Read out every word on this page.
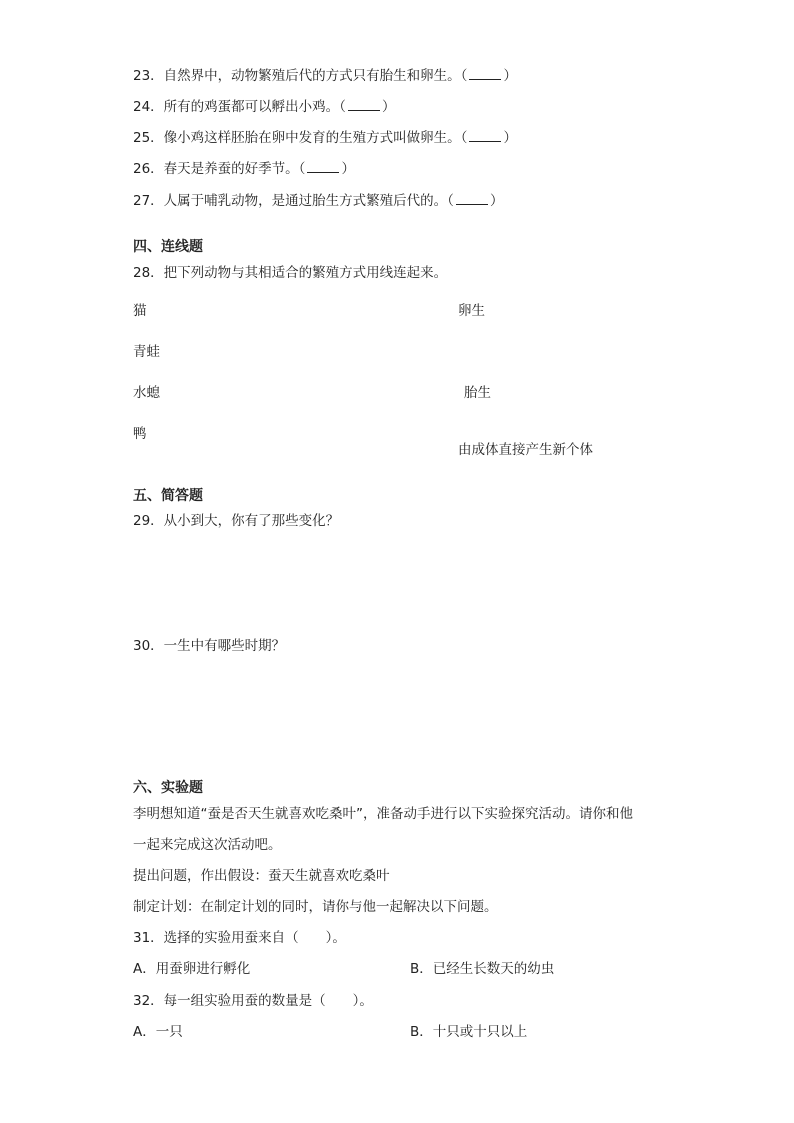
23．自然界中，动物繁殖后代的方式只有胎生和卵生。（	）
24．所有的鸡蛋都可以孵出小鸡。（	）
25．像小鸡这样胚胎在卵中发育的生殖方式叫做卵生。（	）
26．春天是养蚕的好季节。（	）
27．人属于哺乳动物，是通过胎生方式繁殖后代的。（	）
四、连线题
28．把下列动物与其相适合的繁殖方式用线连起来。
猫
青蛙
水螅
鸭
卵生
胎生
由成体直接产生新个体
五、简答题
29．从小到大，你有了那些变化？
30．一生中有哪些时期？
六、实验题
李明想知道“蚕是否天生就喜欢吃桑叶”，准备动手进行以下实验探究活动。请你和他
一起来完成这次活动吧。
提出问题，作出假设：蚕天生就喜欢吃桑叶
制定计划：在制定计划的同时，请你与他一起解决以下问题。
31．选择的实验用蚕来自（　　）。
A．用蚕卵进行孵化	B．已经生长数天的幼虫
32．每一组实验用蚕的数量是（　　）。
A．一只	B．十只或十只以上
